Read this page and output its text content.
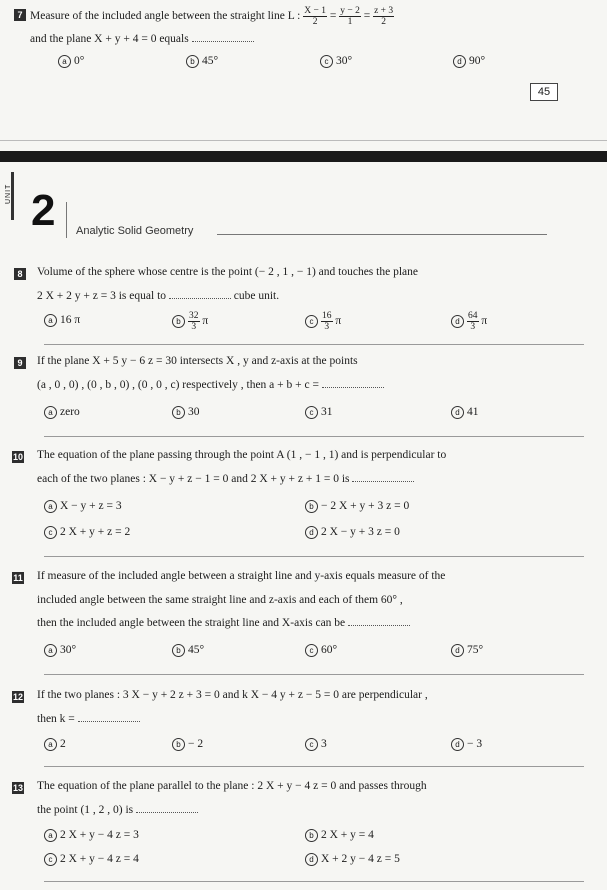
7 Measure of the included angle between the straight line L : $\frac{X - 1}{2} = \frac{y - 2}{1} = \frac{z + 3}{2}$
and the plane X + y + 4 = 0 equals
a 0°	b 45°	c 30°	d 90°
45
UNIT 2 Analytic Solid Geometry
8	Volume of the sphere whose centre is the point (− 2 , 1 , − 1) and touches the plane
2 X + 2 y + z = 3 is equal to	cube unit.
a 16 π	b $\frac{32}{3}$ π	c $\frac{16}{3}$ π	d $\frac{64}{3}$ π
9	If the plane X + 5 y − 6 z = 30 intersects X , y and z-axis at the points
(a , 0 , 0) , (0 , b , 0) , (0 , 0 , c) respectively , then a + b + c =
a zero	b 30	c 31	d 41
10 The equation of the plane passing through the point A (1 , − 1 , 1) and is perpendicular to
each of the two planes : X − y + z − 1 = 0 and 2 X + y + z + 1 = 0 is
a X − y + z = 3	b − 2 X + y + 3 z = 0
c 2 X + y + z = 2	d 2 X − y + 3 z = 0
11 If measure of the included angle between a straight line and y-axis equals measure of the
included angle between the same straight line and z-axis and each of them 60° ,
then the included angle between the straight line and X-axis can be
a 30°	b 45°	c 60°	d 75°
12 If the two planes : 3 X − y + 2 z + 3 = 0 and k X − 4 y + z − 5 = 0 are perpendicular ,
then k =
a 2	b − 2	c 3	d − 3
13 The equation of the plane parallel to the plane : 2 X + y − 4 z = 0 and passes through
the point (1 , 2 , 0) is
a 2 X + y − 4 z = 3	b 2 X + y = 4
c 2 X + y − 4 z = 4	d X + 2 y − 4 z = 5
